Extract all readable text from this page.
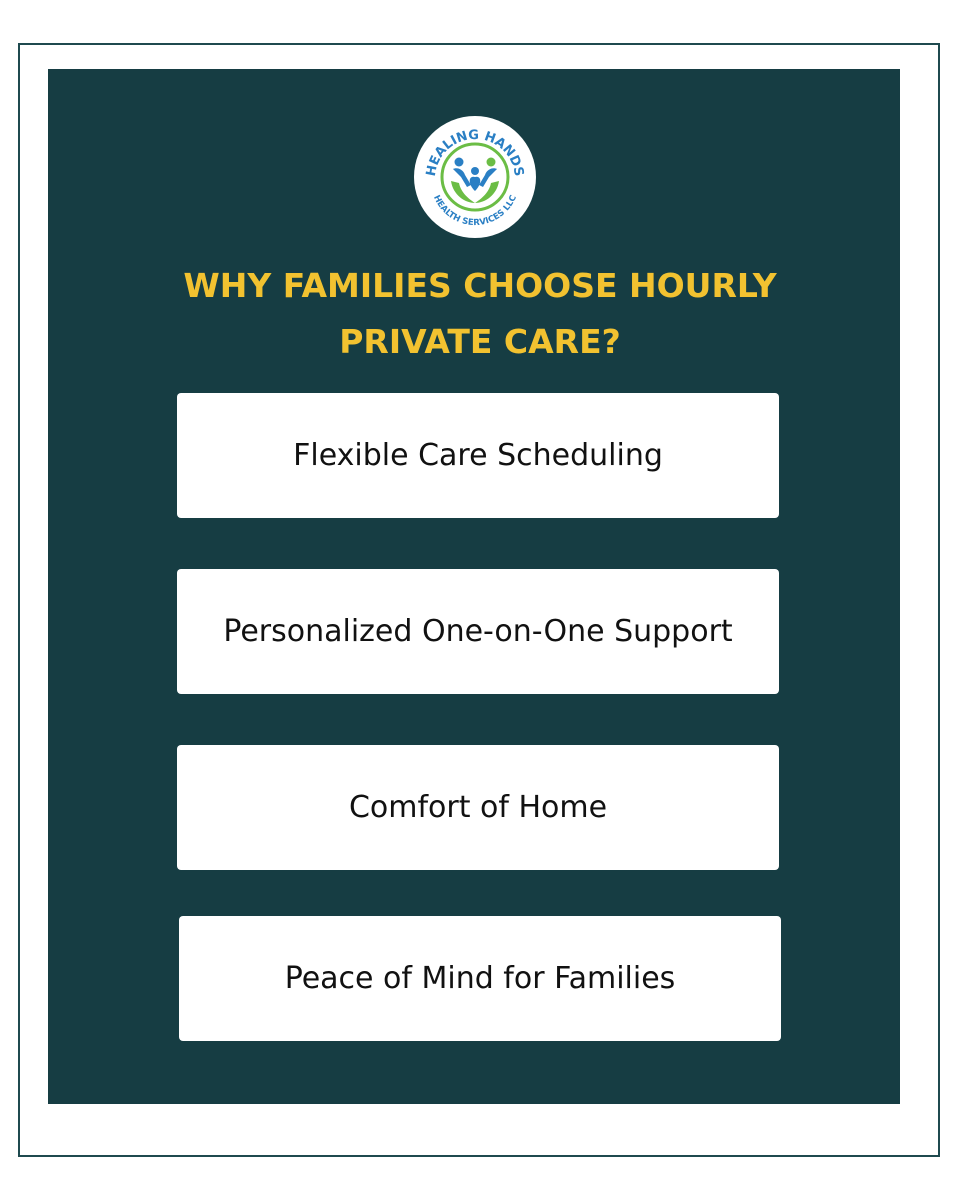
HEALING HANDS
HEALTH SERVICES LLC
WHY FAMILIES CHOOSE HOURLY
PRIVATE CARE?
Flexible Care Scheduling
Personalized One-on-One Support
Comfort of Home
Peace of Mind for Families
